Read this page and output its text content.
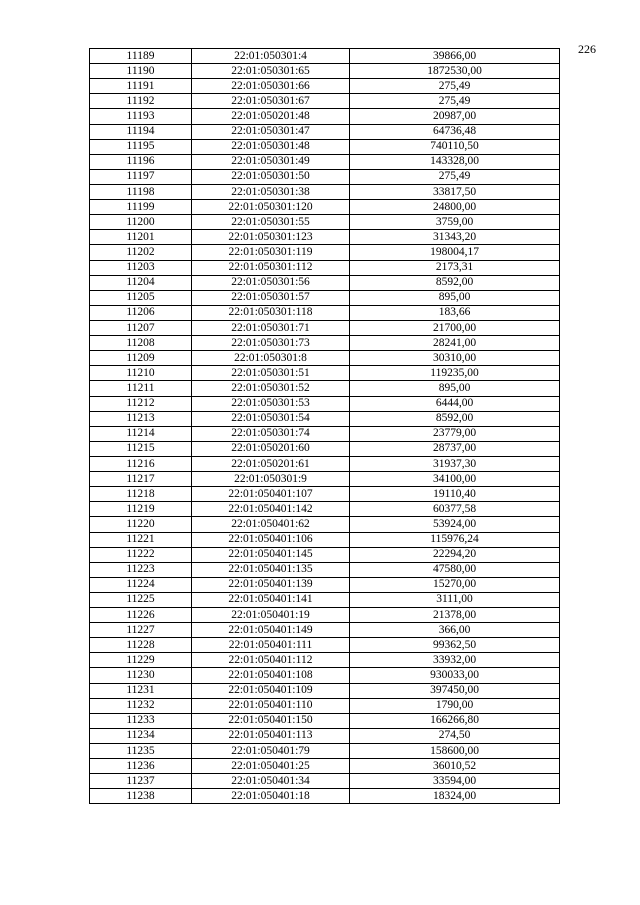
226
11189	22:01:050301:4	39866,00
11190	22:01:050301:65	1872530,00
11191	22:01:050301:66	275,49
11192	22:01:050301:67	275,49
11193	22:01:050201:48	20987,00
11194	22:01:050301:47	64736,48
11195	22:01:050301:48	740110,50
11196	22:01:050301:49	143328,00
11197	22:01:050301:50	275,49
11198	22:01:050301:38	33817,50
11199	22:01:050301:120	24800,00
11200	22:01:050301:55	3759,00
11201	22:01:050301:123	31343,20
11202	22:01:050301:119	198004,17
11203	22:01:050301:112	2173,31
11204	22:01:050301:56	8592,00
11205	22:01:050301:57	895,00
11206	22:01:050301:118	183,66
11207	22:01:050301:71	21700,00
11208	22:01:050301:73	28241,00
11209	22:01:050301:8	30310,00
11210	22:01:050301:51	119235,00
11211	22:01:050301:52	895,00
11212	22:01:050301:53	6444,00
11213	22:01:050301:54	8592,00
11214	22:01:050301:74	23779,00
11215	22:01:050201:60	28737,00
11216	22:01:050201:61	31937,30
11217	22:01:050301:9	34100,00
11218	22:01:050401:107	19110,40
11219	22:01:050401:142	60377,58
11220	22:01:050401:62	53924,00
11221	22:01:050401:106	115976,24
11222	22:01:050401:145	22294,20
11223	22:01:050401:135	47580,00
11224	22:01:050401:139	15270,00
11225	22:01:050401:141	3111,00
11226	22:01:050401:19	21378,00
11227	22:01:050401:149	366,00
11228	22:01:050401:111	99362,50
11229	22:01:050401:112	33932,00
11230	22:01:050401:108	930033,00
11231	22:01:050401:109	397450,00
11232	22:01:050401:110	1790,00
11233	22:01:050401:150	166266,80
11234	22:01:050401:113	274,50
11235	22:01:050401:79	158600,00
11236	22:01:050401:25	36010,52
11237	22:01:050401:34	33594,00
11238	22:01:050401:18	18324,00
